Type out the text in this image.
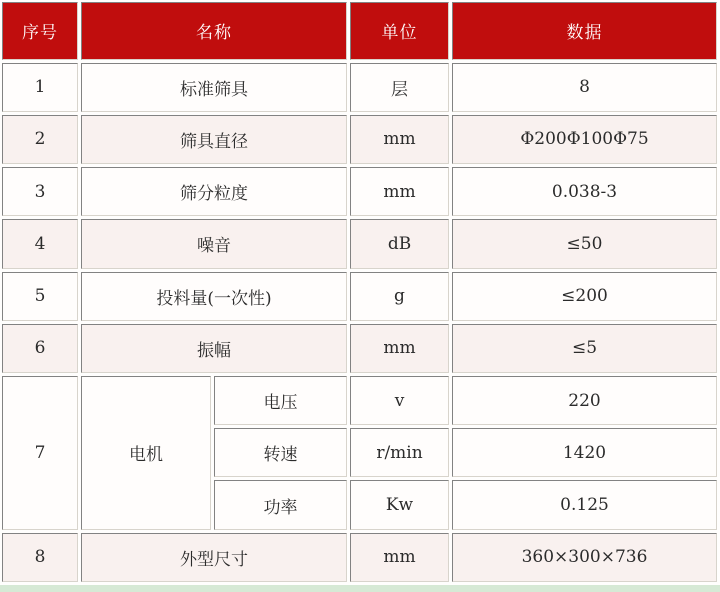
序号	名称		单位	数据
1	标准筛具		层	8
2	筛具直径		mm	Φ200Φ100Φ75
3	筛分粒度		mm	0.038-3
4	噪音		dB	≤50
5	投料量(一次性)		g	≤200
6	振幅		mm	≤5
7	电机	电压	v	220
		转速	r/min	1420
		功率	Kw	0.125
8	外型尺寸		mm	360×300×736
